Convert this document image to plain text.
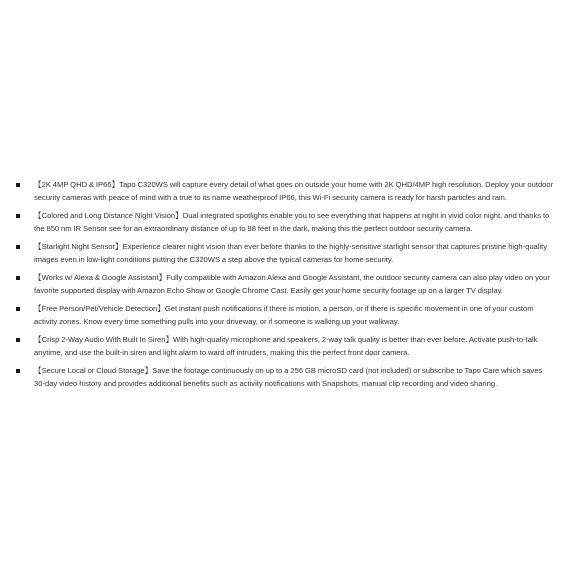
【2K 4MP QHD & IP66】Tapo C320WS will capture every detail of what goes on outside your home with 2K QHD/4MP high resolution. Deploy your outdoor security cameras with peace of mind with a true to its name weatherproof IP66, this Wi-Fi security camera is ready for harsh particles and rain.
【Colored and Long Distance Night Vision】Dual integrated spotlights enable you to see everything that happens at night in vivid color night, and thanks to the 850 nm IR Sensor see for an extraordinary distance of up to 98 feet in the dark, making this the perfect outdoor security camera.
【Starlight Night Sensor】Experience clearer night vision than ever before thanks to the highly-sensitive starlight sensor that captures pristine high-quality images even in low-light conditions putting the C320WS a step above the typical cameras for home security.
【Works w/ Alexa & Google Assistant】Fully compatible with Amazon Alexa and Google Assistant, the outdoor security camera can also play video on your favorite supported display with Amazon Echo Show or Google Chrome Cast. Easily get your home security footage up on a larger TV display.
【Free Person/Pet/Vehicle Detection】Get instant push notifications if there is motion, a person, or if there is specific movement in one of your custom activity zones. Know every time something pulls into your driveway, or if someone is walking up your walkway.
【Crisp 2-Way Audio With Built In Siren】With high-quality microphone and speakers, 2-way talk quality is better than ever before. Activate push-to-talk anytime, and use the built-in siren and light alarm to ward off intruders, making this the perfect front door camera.
【Secure Local or Cloud Storage】Save the footage continuously on up to a 256 GB microSD card (not included) or subscribe to Tapo Care which saves 30-day video history and provides additional benefits such as activity notifications with Snapshots, manual clip recording and video sharing.
